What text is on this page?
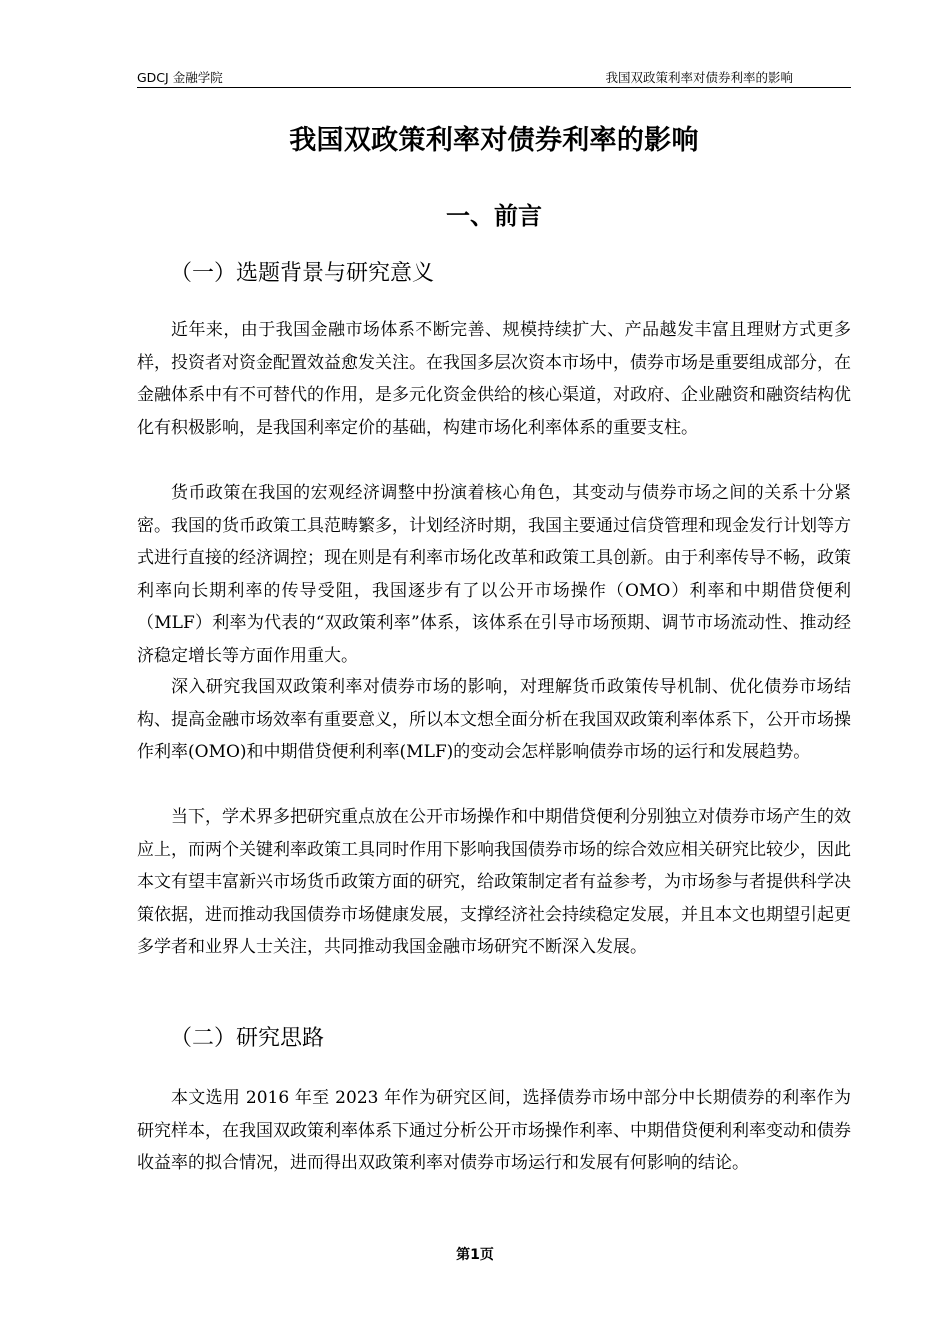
GDCJ 金融学院	我国双政策利率对债券利率的影响
我国双政策利率对债券利率的影响
一、前言
（一）选题背景与研究意义

近年来，由于我国金融市场体系不断完善、规模持续扩大、产品越发丰富且理财方式更多样，投资者对资金配置效益愈发关注。在我国多层次资本市场中，债券市场是重要组成部分，在金融体系中有不可替代的作用，是多元化资金供给的核心渠道，对政府、企业融资和融资结构优化有积极影响，是我国利率定价的基础，构建市场化利率体系的重要支柱。

货币政策在我国的宏观经济调整中扮演着核心角色，其变动与债券市场之间的关系十分紧密。我国的货币政策工具范畴繁多，计划经济时期，我国主要通过信贷管理和现金发行计划等方式进行直接的经济调控；现在则是有利率市场化改革和政策工具创新。由于利率传导不畅，政策利率向长期利率的传导受阻，我国逐步有了以公开市场操作（OMO）利率和中期借贷便利（MLF）利率为代表的“双政策利率”体系，该体系在引导市场预期、调节市场流动性、推动经济稳定增长等方面作用重大。

深入研究我国双政策利率对债券市场的影响，对理解货币政策传导机制、优化债券市场结构、提高金融市场效率有重要意义，所以本文想全面分析在我国双政策利率体系下，公开市场操作利率(OMO)和中期借贷便利利率(MLF)的变动会怎样影响债券市场的运行和发展趋势。

当下，学术界多把研究重点放在公开市场操作和中期借贷便利分别独立对债券市场产生的效应上，而两个关键利率政策工具同时作用下影响我国债券市场的综合效应相关研究比较少，因此本文有望丰富新兴市场货币政策方面的研究，给政策制定者有益参考，为市场参与者提供科学决策依据，进而推动我国债券市场健康发展，支撑经济社会持续稳定发展，并且本文也期望引起更多学者和业界人士关注，共同推动我国金融市场研究不断深入发展。

（二）研究思路

本文选用 2016 年至 2023 年作为研究区间，选择债券市场中部分中长期债券的利率作为研究样本，在我国双政策利率体系下通过分析公开市场操作利率、中期借贷便利利率变动和债券收益率的拟合情况，进而得出双政策利率对债券市场运行和发展有何影响的结论。

第1页
